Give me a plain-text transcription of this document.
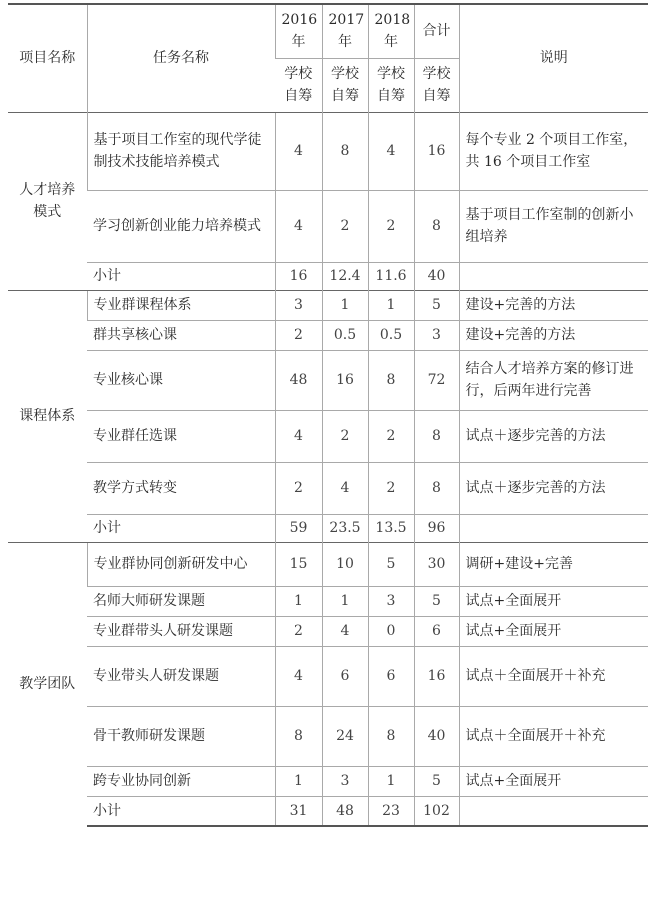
项目名称	任务名称	2016年	2017年	2018年	合计	说明
		学校自筹	学校自筹	学校自筹	学校自筹	
人才培养模式	基于项目工作室的现代学徒制技术技能培养模式	4	8	4	16	每个专业 2 个项目工作室，共 16 个项目工作室
	学习创新创业能力培养模式	4	2	2	8	基于项目工作室制的创新小组培养
	小计	16	12.4	11.6	40	
课程体系	专业群课程体系	3	1	1	5	建设+完善的方法
	群共享核心课	2	0.5	0.5	3	建设+完善的方法
	专业核心课	48	16	8	72	结合人才培养方案的修订进行，后两年进行完善
	专业群任选课	4	2	2	8	试点＋逐步完善的方法
	教学方式转变	2	4	2	8	试点＋逐步完善的方法
	小计	59	23.5	13.5	96	
教学团队	专业群协同创新研发中心	15	10	5	30	调研+建设+完善
	名师大师研发课题	1	1	3	5	试点+全面展开
	专业群带头人研发课题	2	4	0	6	试点+全面展开
	专业带头人研发课题	4	6	6	16	试点＋全面展开＋补充
	骨干教师研发课题	8	24	8	40	试点＋全面展开＋补充
	跨专业协同创新	1	3	1	5	试点+全面展开
	小计	31	48	23	102	
